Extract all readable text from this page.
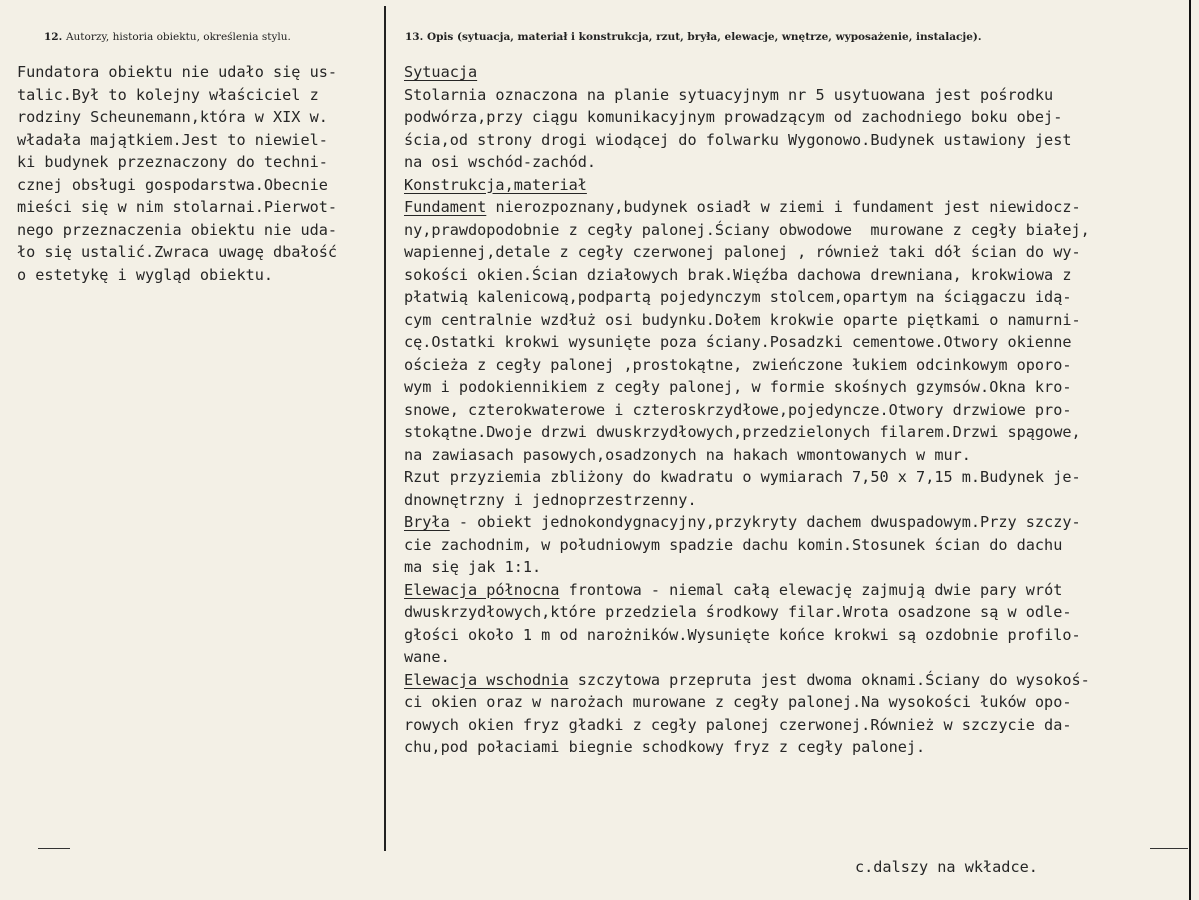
12. Autorzy, historia obiektu, określenia stylu.	13. Opis (sytuacja, materiał i konstrukcja, rzut, bryła, elewacje, wnętrze, wyposażenie, instalacje).
Fundatora obiektu nie udało się us-
talic.Był to kolejny właściciel z
rodziny Scheunemann,która w XIX w.
władała majątkiem.Jest to niewiel-
ki budynek przeznaczony do techni-
cznej obsługi gospodarstwa.Obecnie
mieści się w nim stolarnai.Pierwot-
nego przeznaczenia obiektu nie uda-
ło się ustalić.Zwraca uwagę dbałość
o estetykę i wygląd obiektu.
Sytuacja
Stolarnia oznaczona na planie sytuacyjnym nr 5 usytuowana jest pośrodku
podwórza,przy ciągu komunikacyjnym prowadzącym od zachodniego boku obej-
ścia,od strony drogi wiodącej do folwarku Wygonowo.Budynek ustawiony jest
na osi wschód-zachód.
Konstrukcja,materiał
Fundament nierozpoznany,budynek osiadł w ziemi i fundament jest niewidocz-
ny,prawdopodobnie z cegły palonej.Ściany obwodowe  murowane z cegły białej,
wapiennej,detale z cegły czerwonej palonej , również taki dół ścian do wy-
sokości okien.Ścian działowych brak.Więźba dachowa drewniana, krokwiowa z
płatwią kalenicową,podpartą pojedynczym stolcem,opartym na ściągaczu idą-
cym centralnie wzdłuż osi budynku.Dołem krokwie oparte piętkami o namurni-
cę.Ostatki krokwi wysunięte poza ściany.Posadzki cementowe.Otwory okienne
ościeża z cegły palonej ,prostokątne, zwieńczone łukiem odcinkowym oporo-
wym i podokiennikiem z cegły palonej, w formie skośnych gzymsów.Okna kro-
snowe, czterokwaterowe i czteroskrzydłowe,pojedyncze.Otwory drzwiowe pro-
stokątne.Dwoje drzwi dwuskrzydłowych,przedzielonych filarem.Drzwi spągowe,
na zawiasach pasowych,osadzonych na hakach wmontowanych w mur.
Rzut przyziemia zbliżony do kwadratu o wymiarach 7,50 x 7,15 m.Budynek je-
dnownętrzny i jednoprzestrzenny.
Bryła - obiekt jednokondygnacyjny,przykryty dachem dwuspadowym.Przy szczy-
cie zachodnim, w południowym spadzie dachu komin.Stosunek ścian do dachu
ma się jak 1:1.
Elewacja północna frontowa - niemal całą elewację zajmują dwie pary wrót
dwuskrzydłowych,które przedziela środkowy filar.Wrota osadzone są w odle-
głości około 1 m od narożników.Wysunięte końce krokwi są ozdobnie profilo-
wane.
Elewacja wschodnia szczytowa przepruta jest dwoma oknami.Ściany do wysokoś-
ci okien oraz w narożach murowane z cegły palonej.Na wysokości łuków opo-
rowych okien fryz gładki z cegły palonej czerwonej.Również w szczycie da-
chu,pod połaciami biegnie schodkowy fryz z cegły palonej.
c.dalszy na wkładce.
